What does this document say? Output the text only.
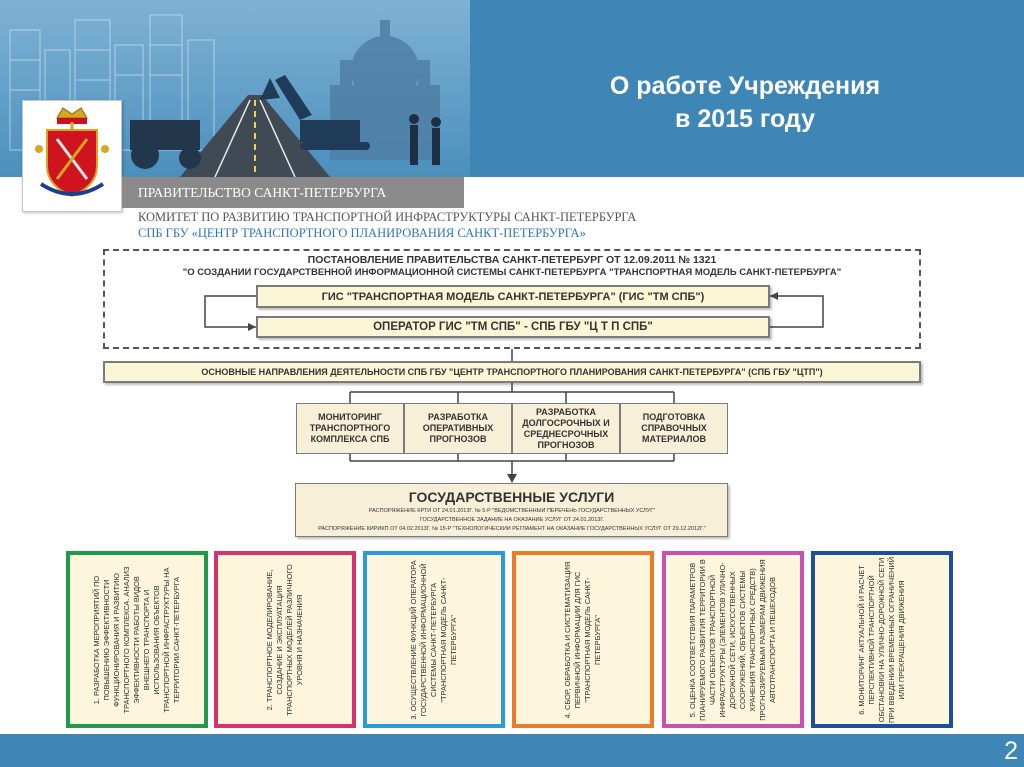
О работе Учреждения
в 2015 году
ПРАВИТЕЛЬСТВО САНКТ-ПЕТЕРБУРГА
КОМИТЕТ ПО РАЗВИТИЮ ТРАНСПОРТНОЙ ИНФРАСТРУКТУРЫ САНКТ-ПЕТЕРБУРГА
СПБ ГБУ «ЦЕНТР ТРАНСПОРТНОГО ПЛАНИРОВАНИЯ САНКТ-ПЕТЕРБУРГА»
ПОСТАНОВЛЕНИЕ ПРАВИТЕЛЬСТВА САНКТ-ПЕТЕРБУРГ ОТ 12.09.2011 № 1321
"О СОЗДАНИИ ГОСУДАРСТВЕННОЙ ИНФОРМАЦИОННОЙ СИСТЕМЫ САНКТ-ПЕТЕРБУРГА "ТРАНСПОРТНАЯ МОДЕЛЬ САНКТ-ПЕТЕРБУРГА"
ГИС "ТРАНСПОРТНАЯ МОДЕЛЬ САНКТ-ПЕТЕРБУРГА" (ГИС "ТМ СПБ")
ОПЕРАТОР ГИС "ТМ СПБ" - СПБ ГБУ "Ц Т П СПБ"
ОСНОВНЫЕ НАПРАВЛЕНИЯ ДЕЯТЕЛЬНОСТИ СПБ ГБУ "ЦЕНТР ТРАНСПОРТНОГО ПЛАНИРОВАНИЯ САНКТ-ПЕТЕРБУРГА" (СПБ ГБУ "ЦТП")
МОНИТОРИНГ ТРАНСПОРТНОГО КОМПЛЕКСА СПБ
РАЗРАБОТКА ОПЕРАТИВНЫХ ПРОГНОЗОВ
РАЗРАБОТКА ДОЛГОСРОЧНЫХ И СРЕДНЕСРОЧНЫХ ПРОГНОЗОВ
ПОДГОТОВКА СПРАВОЧНЫХ МАТЕРИАЛОВ
ГОСУДАРСТВЕННЫЕ УСЛУГИ
РАСПОРЯЖЕНИЕ КРТИ ОТ 24.01.2013Г. № 5-Р "ВЕДОМСТВЕННЫЙ ПЕРЕЧЕНЬ ГОСУДАРСТВЕННЫХ УСЛУГ"
ГОСУДАРСТВЕННОЕ ЗАДАНИЕ НА ОКАЗАНИЕ УСЛУГ ОТ 24.01.2013Г.
РАСПОРЯЖЕНИЕ КИРИКП ОТ 04.02.2013Г. № 15-Р "ТЕХНОЛОГИЧЕСКИЙ РЕГЛАМЕНТ НА ОКАЗАНИЕ ГОСУДАРСТВЕННЫХ УСЛУГ ОТ 29.12.2012Г."
1. РАЗРАБОТКА МЕРОПРИЯТИЙ ПО ПОВЫШЕНИЮ ЭФФЕКТИВНОСТИ ФУНКЦИОНИРОВАНИЯ И РАЗВИТИЮ ТРАНСПОРТНОГО КОМПЛЕКСА. АНАЛИЗ ЭФФЕКТИВНОСТИ РАБОТЫ ВИДОВ ВНЕШНЕГО ТРАНСПОРТА И ИСПОЛЬЗОВАНИЯ ОБЪЕКТОВ ТРАНСПОРТНОЙ ИНФРАСТРУКТУРЫ НА ТЕРРИТОРИИ САНКТ-ПЕТЕРБУРГА	2. ТРАНСПОРТНОЕ МОДЕЛИРОВАНИЕ, СОЗДАНИЕ И ЭКСПЛУАТАЦИЯ ТРАНСПОРТНЫХ МОДЕЛЕЙ РАЗЛИЧНОГО УРОВНЯ И НАЗНАЧЕНИЯ	3. ОСУЩЕСТВЛЕНИЕ ФУНКЦИЙ ОПЕРАТОРА ГОСУДАРСТВЕННОЙ ИНФОРМАЦИОННОЙ СИСТЕМЫ САНКТ-ПЕТЕРБУРГА "ТРАНСПОРТНАЯ МОДЕЛЬ САНКТ-ПЕТЕРБУРГА"	4. СБОР, ОБРАБОТКА И СИСТЕМАТИЗАЦИЯ ПЕРВИЧНОЙ ИНФОРМАЦИИ ДЛЯ ГИС "ТРАНСПОРТНАЯ МОДЕЛЬ САНКТ-ПЕТЕРБУРГА"	5. ОЦЕНКА СООТВЕТСТВИЯ ПАРАМЕТРОВ ПЛАНИРУЕМОГО РАЗВИТИЯ ТЕРРИТОРИИ В ЧАСТИ ОБЪЕКТОВ ТРАНСПОРТНОЙ ИНФРАСТРУКТУРЫ (ЭЛЕМЕНТОВ УЛИЧНО-ДОРОЖНОЙ СЕТИ, ИСКУССТВЕННЫХ СООРУЖЕНИЙ, ОБЪЕКТОВ СИСТЕМЫ ХРАНЕНИЯ ТРАНСПОРТНЫХ СРЕДСТВ) ПРОГНОЗИРУЕМЫМ РАЗМЕРАМ ДВИЖЕНИЯ АВТОТРАНСПОРТА И ПЕШЕХОДОВ	6. МОНИТОРИНГ АКТУАЛЬНОЙ И РАСЧЕТ ПЕРСПЕКТИВНОЙ ТРАНСПОРТНОЙ ОБСТАНОВКИ НА УЛИЧНО-ДОРОЖНОЙ СЕТИ ПРИ ВВЕДЕНИИ ВРЕМЕННЫХ ОГРАНИЧЕНИЙ ИЛИ ПРЕКРАЩЕНИЯ ДВИЖЕНИЯ
2
